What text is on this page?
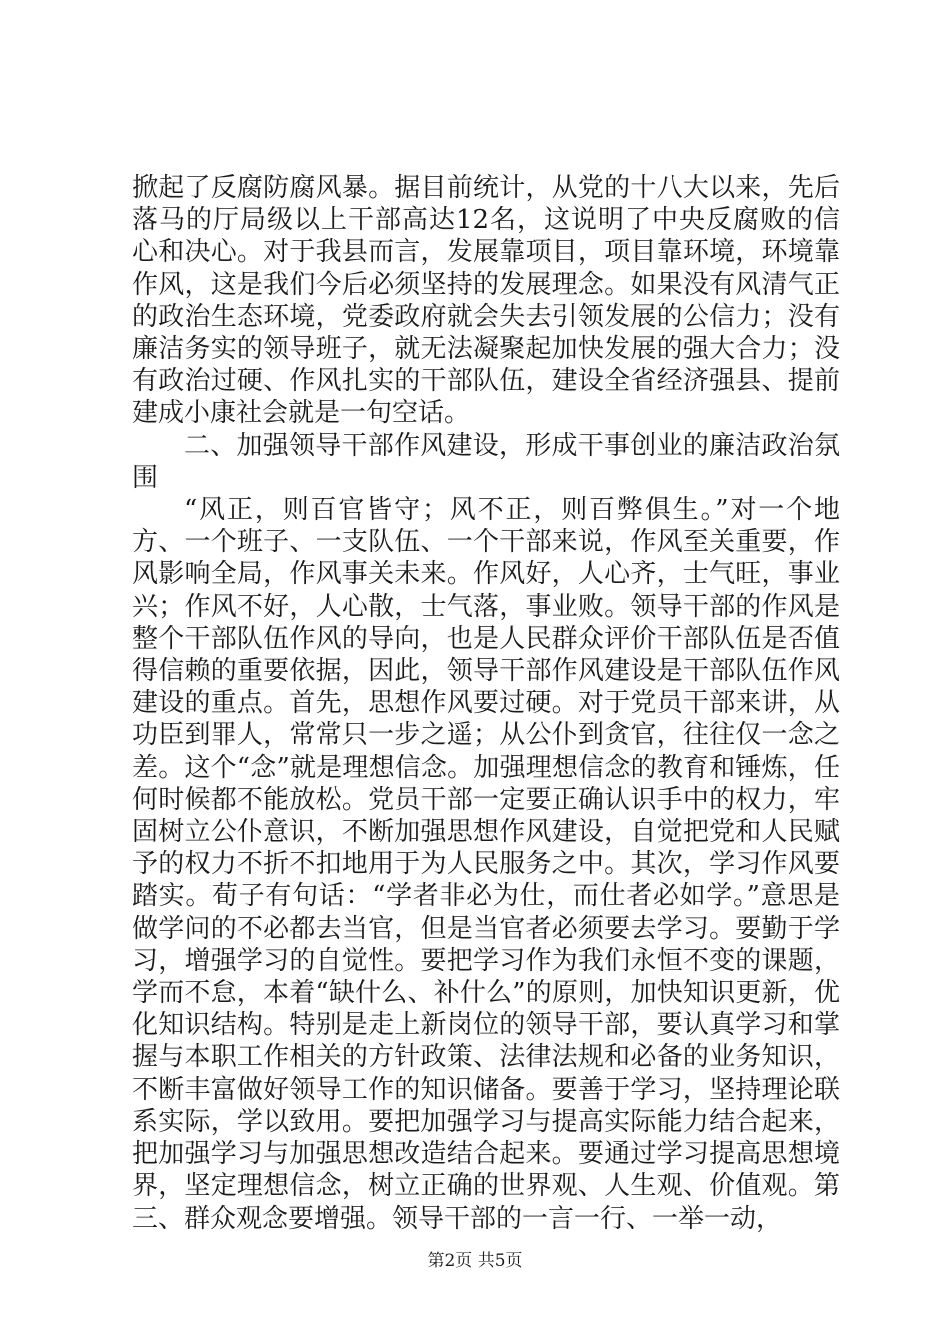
掀起了反腐防腐风暴。据目前统计，从党的十八大以来，先后落马的厅局级以上干部高达12名，这说明了中央反腐败的信心和决心。对于我县而言，发展靠项目，项目靠环境，环境靠作风，这是我们今后必须坚持的发展理念。如果没有风清气正的政治生态环境，党委政府就会失去引领发展的公信力；没有廉洁务实的领导班子，就无法凝聚起加快发展的强大合力；没有政治过硬、作风扎实的干部队伍，建设全省经济强县、提前建成小康社会就是一句空话。

二、加强领导干部作风建设，形成干事创业的廉洁政治氛围

“风正，则百官皆守；风不正，则百弊俱生。”对一个地方、一个班子、一支队伍、一个干部来说，作风至关重要，作风影响全局，作风事关未来。作风好，人心齐，士气旺，事业兴；作风不好，人心散，士气落，事业败。领导干部的作风是整个干部队伍作风的导向，也是人民群众评价干部队伍是否值得信赖的重要依据，因此，领导干部作风建设是干部队伍作风建设的重点。首先，思想作风要过硬。对于党员干部来讲，从功臣到罪人，常常只一步之遥；从公仆到贪官，往往仅一念之差。这个“念”就是理想信念。加强理想信念的教育和锤炼，任何时候都不能放松。党员干部一定要正确认识手中的权力，牢固树立公仆意识，不断加强思想作风建设，自觉把党和人民赋予的权力不折不扣地用于为人民服务之中。其次，学习作风要踏实。荀子有句话：“学者非必为仕，而仕者必如学。”意思是做学问的不必都去当官，但是当官者必须要去学习。要勤于学习，增强学习的自觉性。要把学习作为我们永恒不变的课题，学而不怠，本着“缺什么、补什么”的原则，加快知识更新，优化知识结构。特别是走上新岗位的领导干部，要认真学习和掌握与本职工作相关的方针政策、法律法规和必备的业务知识，不断丰富做好领导工作的知识储备。要善于学习，坚持理论联系实际，学以致用。要把加强学习与提高实际能力结合起来，把加强学习与加强思想改造结合起来。要通过学习提高思想境界，坚定理想信念，树立正确的世界观、人生观、价值观。第三、群众观念要增强。领导干部的一言一行、一举一动，

第2页 共5页
